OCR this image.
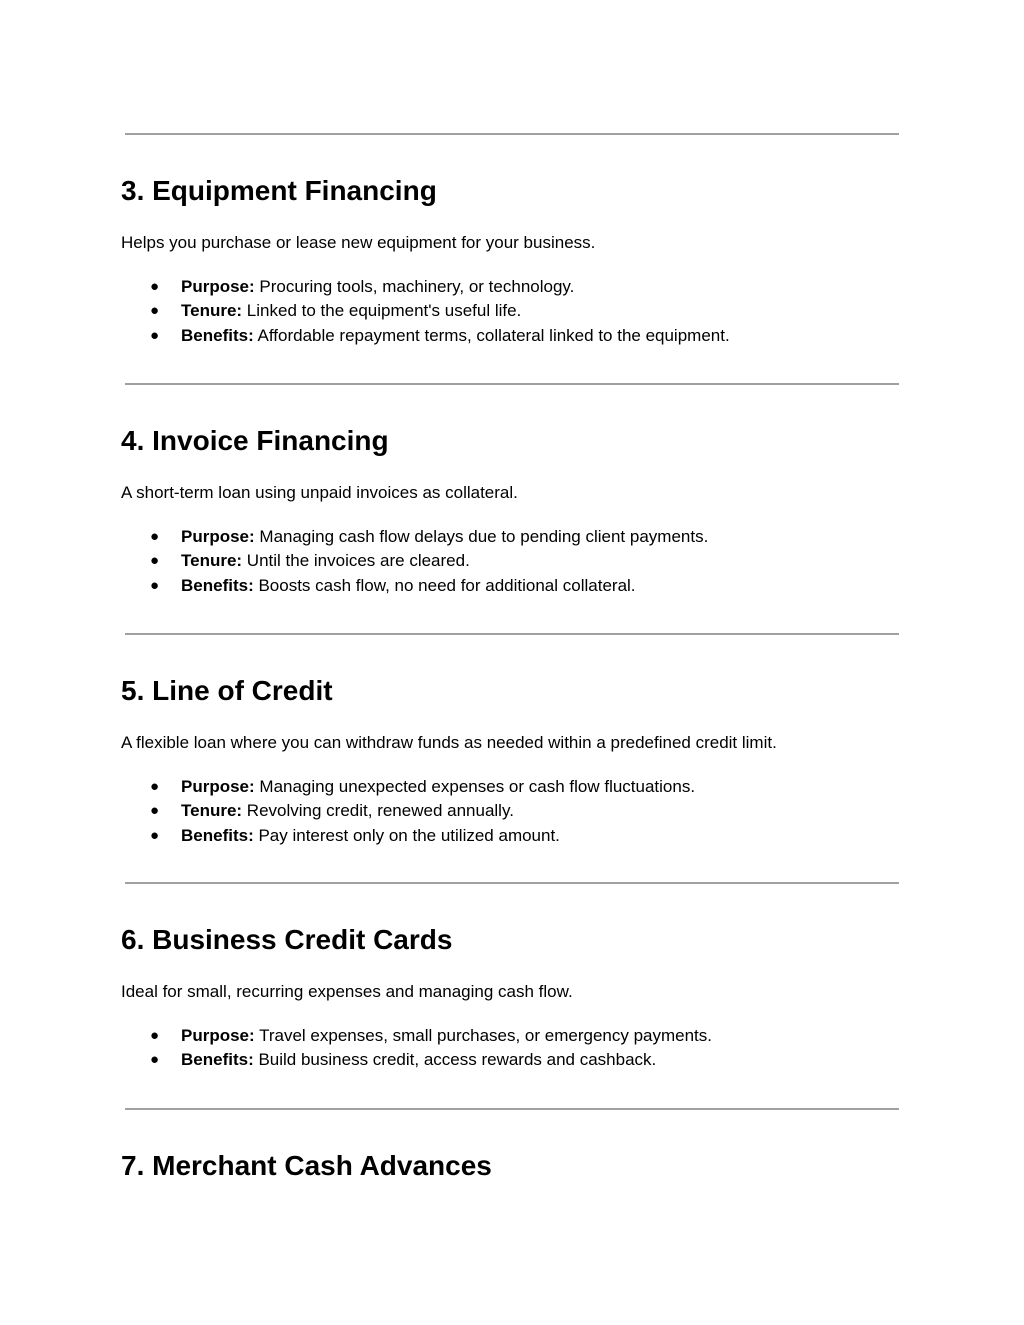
3. Equipment Financing

Helps you purchase or lease new equipment for your business.

● Purpose: Procuring tools, machinery, or technology.
● Tenure: Linked to the equipment's useful life.
● Benefits: Affordable repayment terms, collateral linked to the equipment.
4. Invoice Financing

A short-term loan using unpaid invoices as collateral.

● Purpose: Managing cash flow delays due to pending client payments.
● Tenure: Until the invoices are cleared.
● Benefits: Boosts cash flow, no need for additional collateral.
5. Line of Credit

A flexible loan where you can withdraw funds as needed within a predefined credit limit.

● Purpose: Managing unexpected expenses or cash flow fluctuations.
● Tenure: Revolving credit, renewed annually.
● Benefits: Pay interest only on the utilized amount.
6. Business Credit Cards

Ideal for small, recurring expenses and managing cash flow.

● Purpose: Travel expenses, small purchases, or emergency payments.
● Benefits: Build business credit, access rewards and cashback.
7. Merchant Cash Advances
